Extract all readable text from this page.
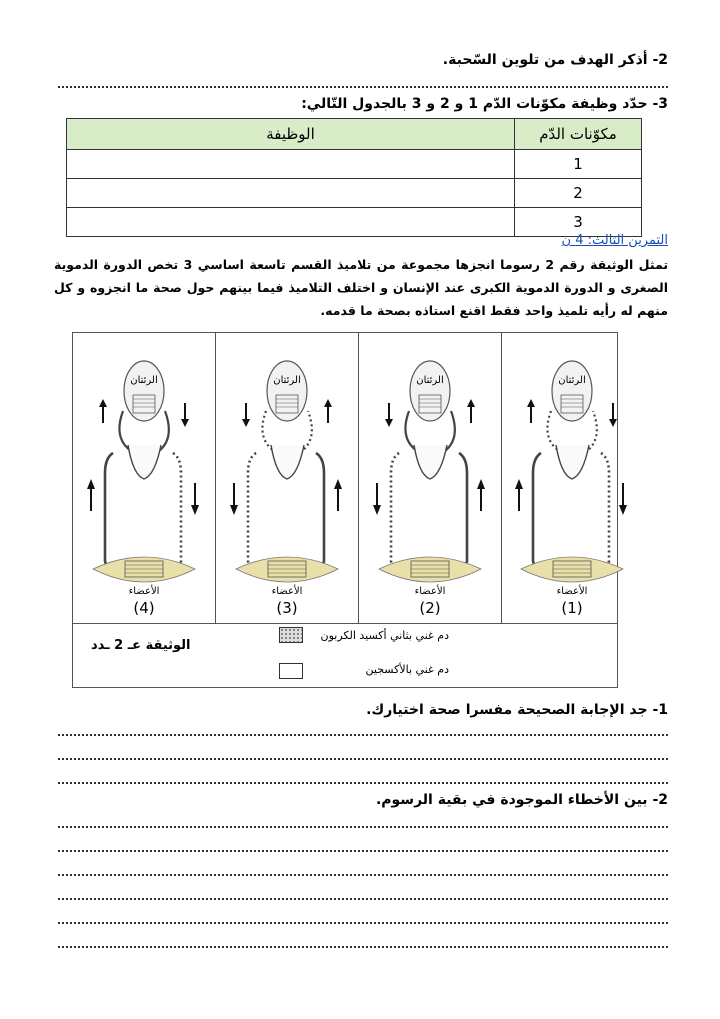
2- أذكر الهدف من تلوين السّحبة.
3- حدّد وظيفة مكوّنات الدّم 1 و 2 و 3 بالجدول التّالي:
مكوّنات الدّم	الوظيفة
1	
2	
3	
التمرين الثالث: 4 ن
تمثل الوثيقة رقم 2 رسوما انجزها مجموعة من تلاميذ القسم تاسعة اساسي 3 تخص الدورة الدموية الصغرى و الدورة الدموية الكبرى عند الإنسان و اختلف التلاميذ فيما بينهم حول صحة ما انجزوه و كل منهم له رأيه تلميذ واحد فقط اقنع استاذه بصحة ما قدمه.
الرئتان
الأعضاء
(4)
الرئتان
الأعضاء
(3)
الرئتان
الأعضاء
(2)
الرئتان
الأعضاء
(1)
دم غني بثاني أكسيد الكربون
دم غني بالأكسجين
الوثيقة عـ 2 ـدد
1- جد الإجابة الصحيحة مفسرا صحة اختيارك.
2- بين الأخطاء الموجودة في بقية الرسوم.
